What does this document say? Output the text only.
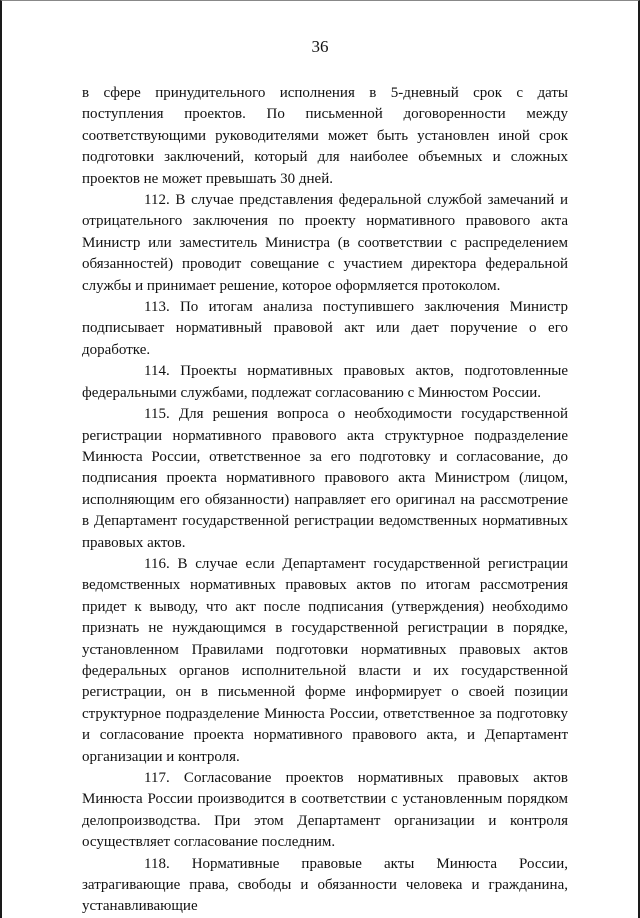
36

в сфере принудительного исполнения в 5-дневный срок с даты поступления проектов. По письменной договоренности между соответствующими руководителями может быть установлен иной срок подготовки заключений, который для наиболее объемных и сложных проектов не может превышать 30 дней.

112. В случае представления федеральной службой замечаний и отрицательного заключения по проекту нормативного правового акта Министр или заместитель Министра (в соответствии с распределением обязанностей) проводит совещание с участием директора федеральной службы и принимает решение, которое оформляется протоколом.

113. По итогам анализа поступившего заключения Министр подписывает нормативный правовой акт или дает поручение о его доработке.

114. Проекты нормативных правовых актов, подготовленные федеральными службами, подлежат согласованию с Минюстом России.

115. Для решения вопроса о необходимости государственной регистрации нормативного правового акта структурное подразделение Минюста России, ответственное за его подготовку и согласование, до подписания проекта нормативного правового акта Министром (лицом, исполняющим его обязанности) направляет его оригинал на рассмотрение в Департамент государственной регистрации ведомственных нормативных правовых актов.

116. В случае если Департамент государственной регистрации ведомственных нормативных правовых актов по итогам рассмотрения придет к выводу, что акт после подписания (утверждения) необходимо признать не нуждающимся в государственной регистрации в порядке, установленном Правилами подготовки нормативных правовых актов федеральных органов исполнительной власти и их государственной регистрации, он в письменной форме информирует о своей позиции структурное подразделение Минюста России, ответственное за подготовку и согласование проекта нормативного правового акта, и Департамент организации и контроля.

117. Согласование проектов нормативных правовых актов Минюста России производится в соответствии с установленным порядком делопроизводства. При этом Департамент организации и контроля осуществляет согласование последним.

118. Нормативные правовые акты Минюста России, затрагивающие права, свободы и обязанности человека и гражданина, устанавливающие
